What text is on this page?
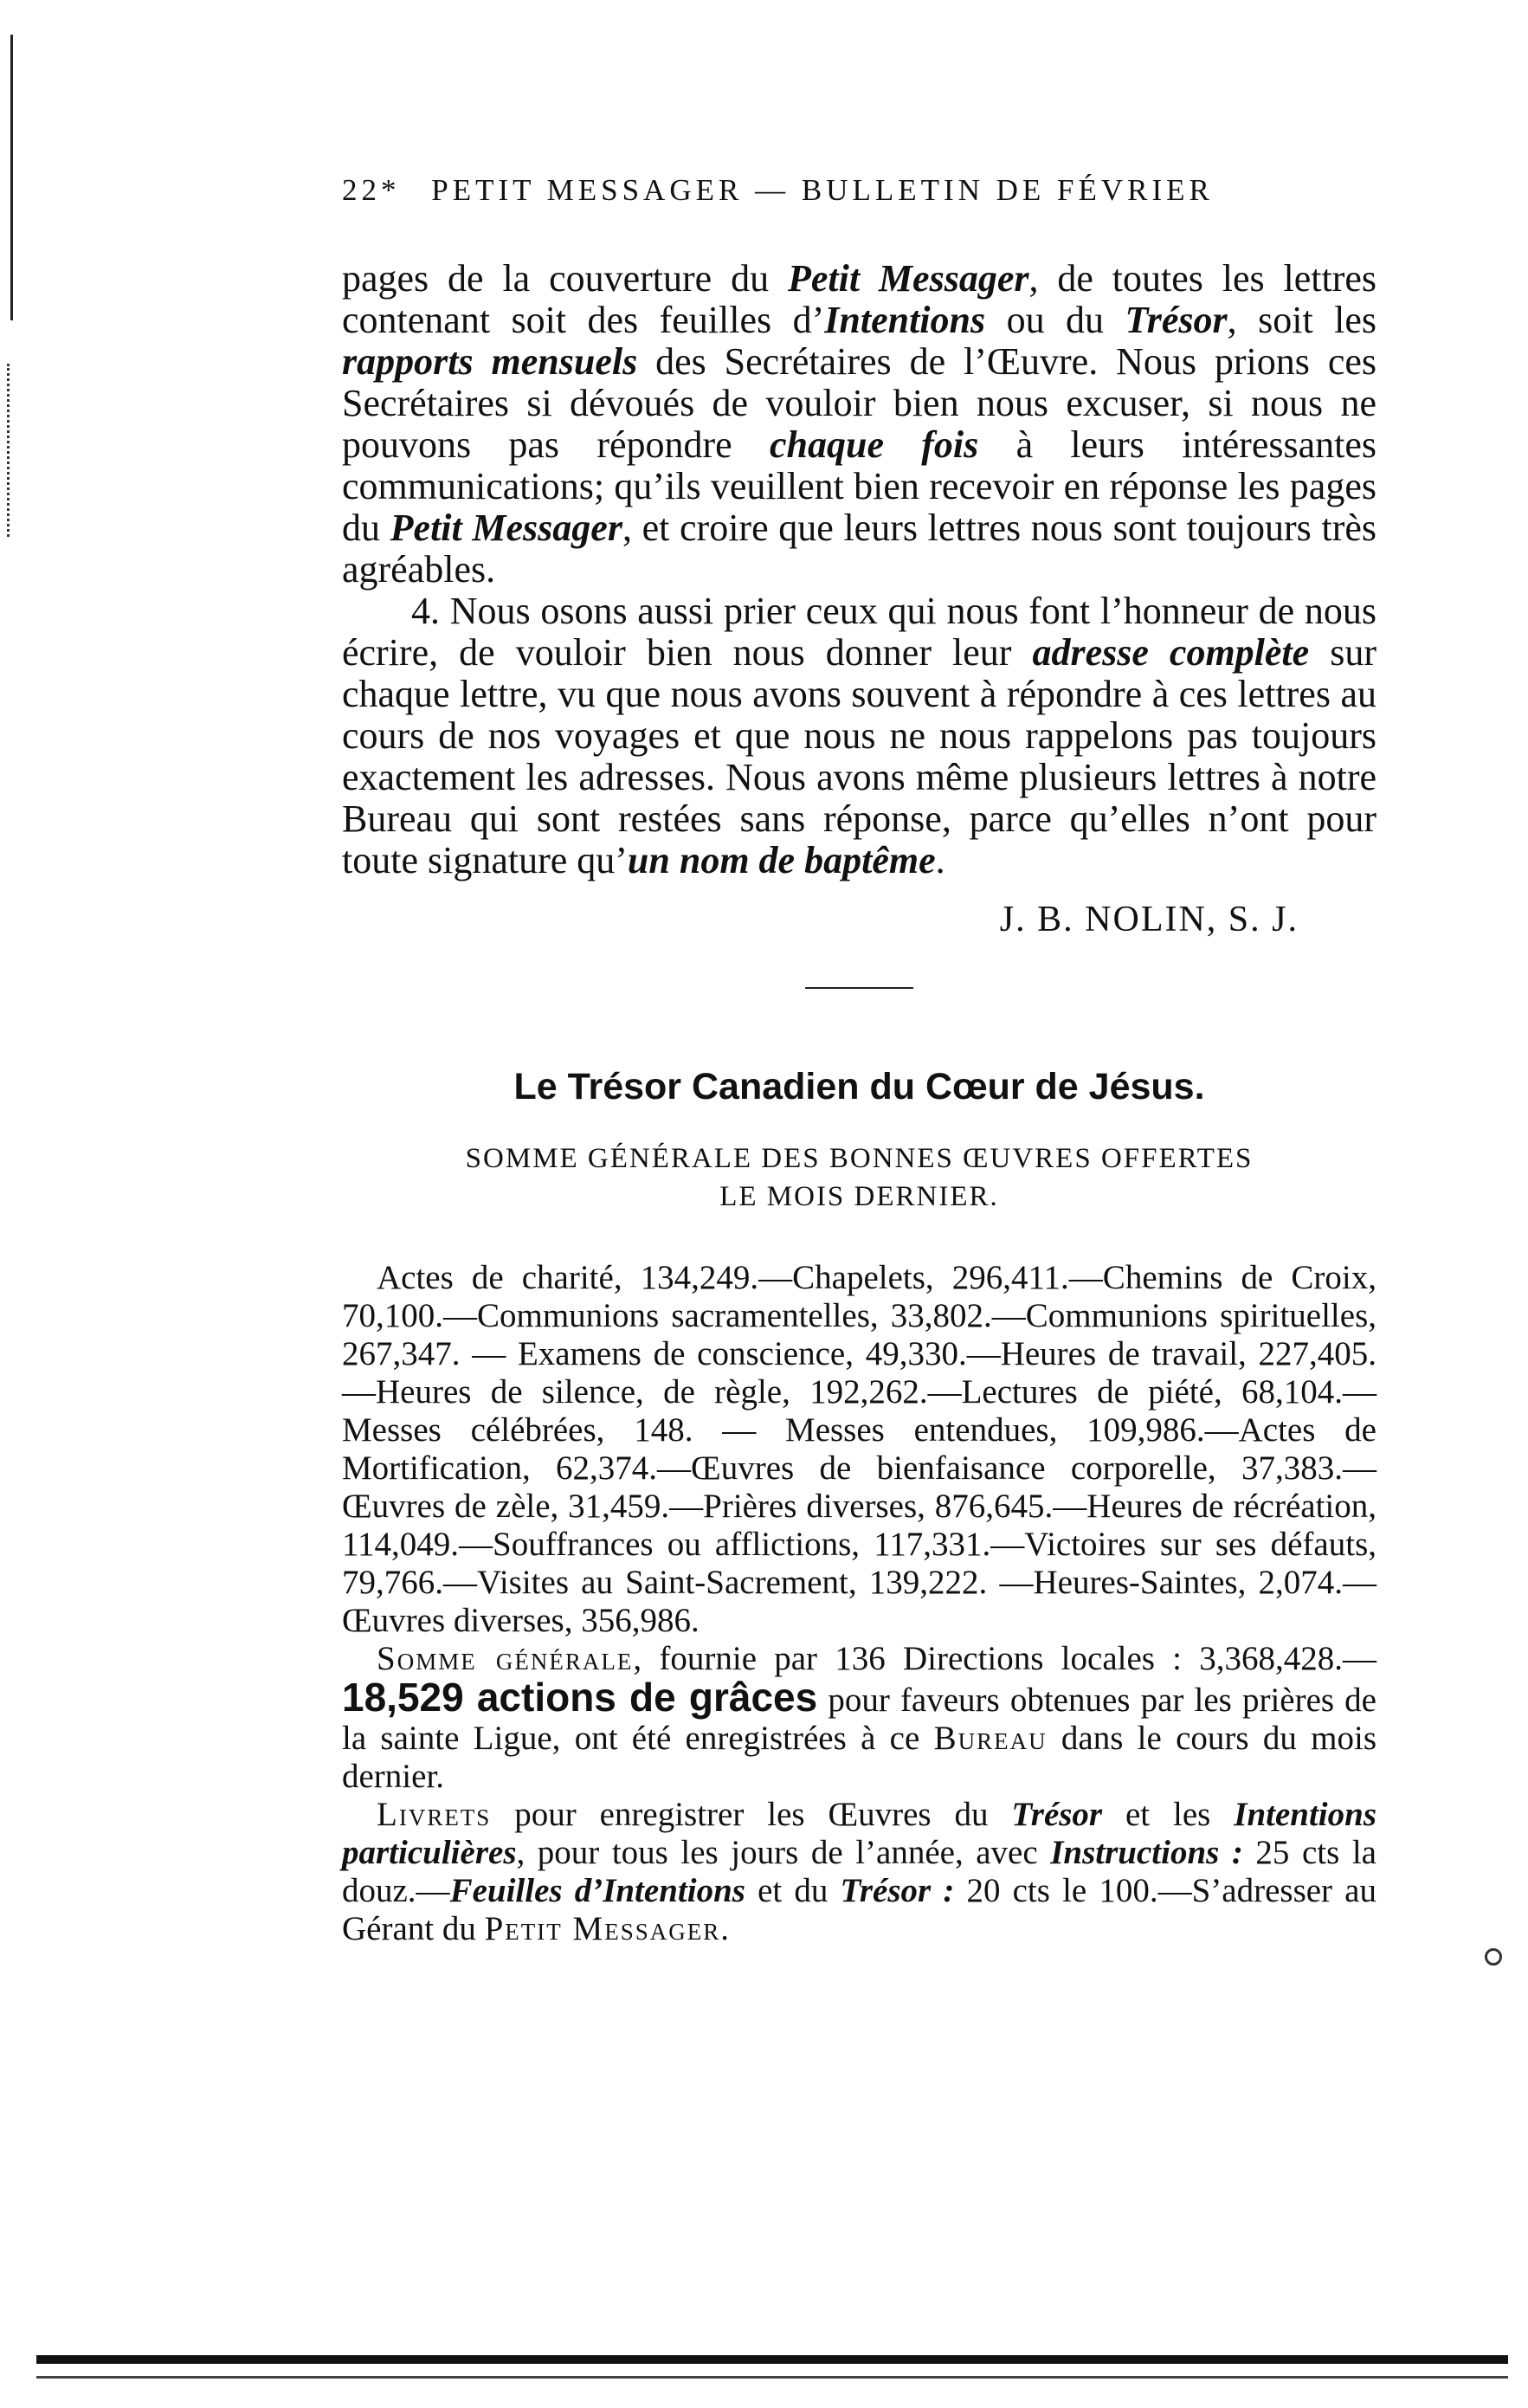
22* PETIT MESSAGER — BULLETIN DE FÉVRIER

pages de la couverture du Petit Messager, de toutes les lettres contenant soit des feuilles d’Intentions ou du Trésor, soit les rapports mensuels des Secrétaires de l’Œuvre. Nous prions ces Secrétaires si dévoués de vouloir bien nous excuser, si nous ne pouvons pas répondre chaque fois à leurs intéressantes communications; qu’ils veuillent bien recevoir en réponse les pages du Petit Messager, et croire que leurs lettres nous sont toujours très agréables.

4. Nous osons aussi prier ceux qui nous font l’honneur de nous écrire, de vouloir bien nous donner leur adresse complète sur chaque lettre, vu que nous avons souvent à répondre à ces lettres au cours de nos voyages et que nous ne nous rappelons pas toujours exactement les adresses. Nous avons même plusieurs lettres à notre Bureau qui sont restées sans réponse, parce qu’elles n’ont pour toute signature qu’un nom de baptême.

J. B. NOLIN, S. J.

Le Trésor Canadien du Cœur de Jésus.
SOMME GÉNÉRALE DES BONNES ŒUVRES OFFERTES
LE MOIS DERNIER.

Actes de charité, 134,249.—Chapelets, 296,411.—Chemins de Croix, 70,100.—Communions sacramentelles, 33,802.—Communions spirituelles, 267,347. — Examens de conscience, 49,330.—Heures de travail, 227,405.—Heures de silence, de règle, 192,262.—Lectures de piété, 68,104.—Messes célébrées, 148. — Messes entendues, 109,986.—Actes de Mortification, 62,374.—Œuvres de bienfaisance corporelle, 37,383.—Œuvres de zèle, 31,459.—Prières diverses, 876,645.—Heures de récréation, 114,049.—Souffrances ou afflictions, 117,331.—Victoires sur ses défauts, 79,766.—Visites au Saint-Sacrement, 139,222. —Heures-Saintes, 2,074.—Œuvres diverses, 356,986.

Somme générale, fournie par 136 Directions locales : 3,368,428.—18,529 actions de grâces pour faveurs obtenues par les prières de la sainte Ligue, ont été enregistrées à ce Bureau dans le cours du mois dernier.

Livrets pour enregistrer les Œuvres du Trésor et les Intentions particulières, pour tous les jours de l’année, avec Instructions : 25 cts la douz.—Feuilles d’Intentions et du Trésor : 20 cts le 100.—S’adresser au Gérant du Petit Messager.
